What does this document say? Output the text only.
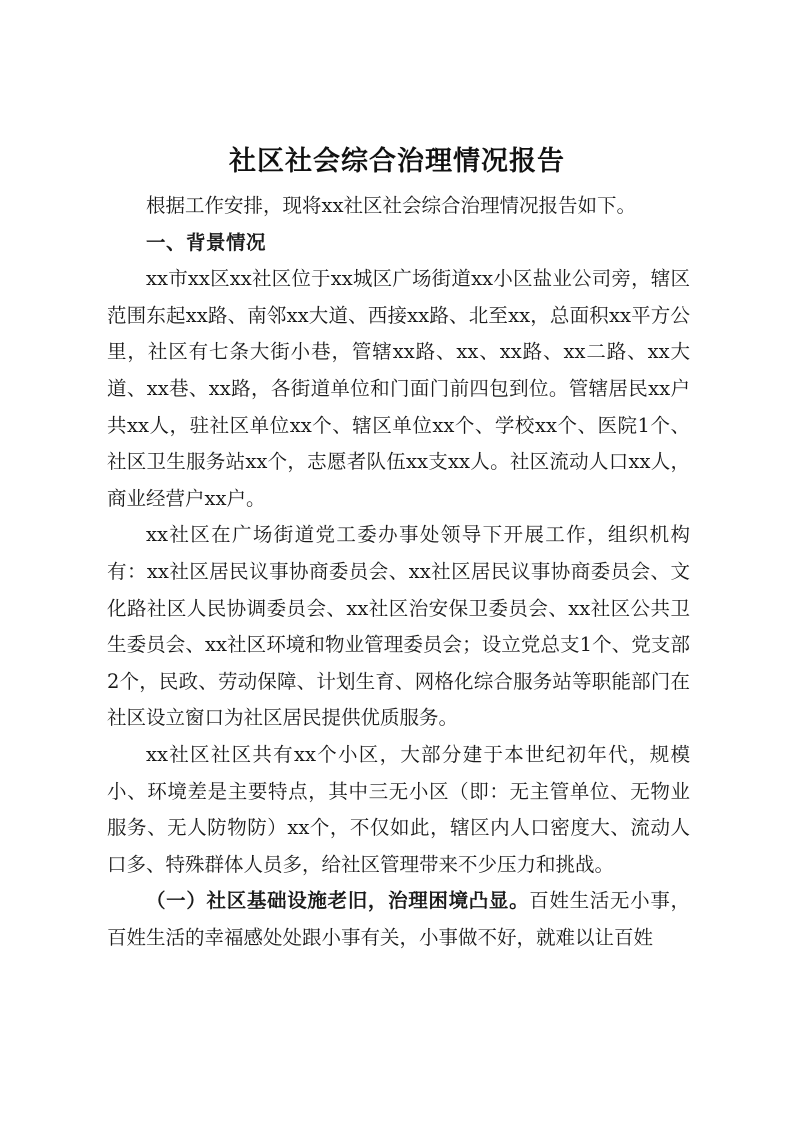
社区社会综合治理情况报告

根据工作安排，现将xx社区社会综合治理情况报告如下。

一、背景情况

xx市xx区xx社区位于xx城区广场街道xx小区盐业公司旁，辖区范围东起xx路、南邻xx大道、西接xx路、北至xx，总面积xx平方公里，社区有七条大街小巷，管辖xx路、xx、xx路、xx二路、xx大道、xx巷、xx路，各街道单位和门面门前四包到位。管辖居民xx户共xx人，驻社区单位xx个、辖区单位xx个、学校xx个、医院1个、社区卫生服务站xx个，志愿者队伍xx支xx人。社区流动人口xx人，商业经营户xx户。

xx社区在广场街道党工委办事处领导下开展工作，组织机构有：xx社区居民议事协商委员会、xx社区居民议事协商委员会、文化路社区人民协调委员会、xx社区治安保卫委员会、xx社区公共卫生委员会、xx社区环境和物业管理委员会；设立党总支1个、党支部2个，民政、劳动保障、计划生育、网格化综合服务站等职能部门在社区设立窗口为社区居民提供优质服务。

xx社区社区共有xx个小区，大部分建于本世纪初年代，规模小、环境差是主要特点，其中三无小区（即：无主管单位、无物业服务、无人防物防）xx个，不仅如此，辖区内人口密度大、流动人口多、特殊群体人员多，给社区管理带来不少压力和挑战。

（一）社区基础设施老旧，治理困境凸显。百姓生活无小事，百姓生活的幸福感处处跟小事有关，小事做不好，就难以让百姓
